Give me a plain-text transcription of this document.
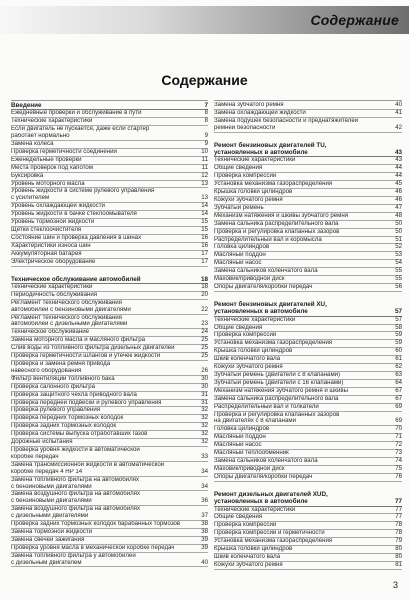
Содержание
Содержание
Введение	7
Ежедневные проверки и обслуживание в пути	8
Технические характеристики	8
Если двигатель не пускается, даже если стартер
работает нормально	9
Замена колеса	9
Проверка герметичности соединений	10
Еженедельные проверки	11
Места проверок под капотом	11
Буксировка	12
Уровень моторного масла	13
Уровень жидкости в системе рулевого управления
с усилителем	13
Уровень охлаждающей жидкости	14
Уровень жидкости в бачке стеклоомывателя	14
Уровень тормозной жидкости	15
Щетки стеклоочистителя	15
Состояние шин и проверка давления в шинах	16
Характеристики износа шин	16
Аккумуляторная батарея	17
Электрическое оборудование	17
Техническое обслуживание автомобилей	18
Технические характеристики	18
Периодичность обслуживания	20
Регламент технического обслуживания
автомобилей с бензиновыми двигателями	22
Регламент технического обслуживания
автомобилей с дизельными двигателями	23
Техническое обслуживание	24
Замена моторного масла и масляного фильтра	25
Слив воды из топливного фильтра дизельных двигателей	25
Проверка герметичности шлангов и утечек жидкости	25
Проверка и замена ремня привода
навесного оборудования	26
Фильтр вентиляции топливного бака	30
Проверка салонного фильтра	30
Проверка защитного чехла приводного вала	31
Проверка передней подвески и рулевого управления	31
Проверка рулевого управления	32
Проверка передних тормозных колодок	32
Проверка задних тормозных колодок	32
Проверка системы выпуска отработавших газов	32
Дорожные испытания	32
Проверка уровня жидкости в автоматической
коробке передач	33
Замена трансмиссионной жидкости в автоматической
коробке передач 4 HP 14	34
Замена топливного фильтра на автомобилях
с бензиновыми двигателями	34
Замена воздушного фильтра на автомобилях
с бензиновыми двигателями	36
Замена воздушного фильтра на автомобилях
с дизельными двигателями	37
Проверка задних тормозных колодок барабанных тормозов	38
Замена тормозной жидкости	38
Замена свечей зажигания	39
Проверка уровня масла в механической коробке передач	39
Замена топливного фильтра у автомобилей
с дизельным двигателем	40
Замена зубчатого ремня	40
Замена охлаждающей жидкости	41
Замена подушек безопасности и преднатяжителей
ремней безопасности	42
Ремонт бензиновых двигателей TU,
установленных в автомобиле	43
Технические характеристики	43
Общие сведения	44
Проверка компрессии	44
Установка механизма газораспределения	45
Крышка головки цилиндров	46
Кожухи зубчатого ремня	46
Зубчатый ремень	47
Механизм натяжения и шкивы зубчатого ремня	48
Замена сальника распределительного вала	50
Проверка и регулировка клапанных зазоров	50
Распределительный вал и коромысла	51
Головка цилиндров	52
Масляный поддон	53
Масляный насос	54
Замена сальников коленчатого вала	55
Маховик/приводной диск	55
Опоры двигателя/коробки передач	56
Ремонт бензиновых двигателей XU,
установленных в автомобиле	57
Технические характеристики	57
Общие сведения	58
Проверка компрессии	59
Установка механизма газораспределения	59
Крышка головки цилиндров	60
Шкив коленчатого вала	61
Кожухи зубчатого ремня	62
Зубчатый ремень (двигатели с 8 клапанами)	63
Зубчатый ремень (двигатели с 16 клапанами)	64
Механизм натяжения зубчатого ремня и шкивы	67
Замена сальника распределительного вала	67
Распределительный вал и толкатели	69
Проверка и регулировка клапанных зазоров
на двигателях с 8 клапанами	69
Головка цилиндров	70
Масляный поддон	71
Масляный насос	72
Масляный теплообменник	73
Замена сальников коленчатого вала	74
Маховик/приводной диск	75
Опоры двигателя/коробки передач	76
Ремонт дизельных двигателей XUD,
установленных в автомобиле	77
Технические характеристики	77
Общие сведения	77
Проверка компрессии	78
Проверка компрессии и герметичности	78
Установка механизма газораспределения	79
Крышка головки цилиндров	80
Шкив коленчатого вала	80
Кожухи зубчатого ремня	81
3
